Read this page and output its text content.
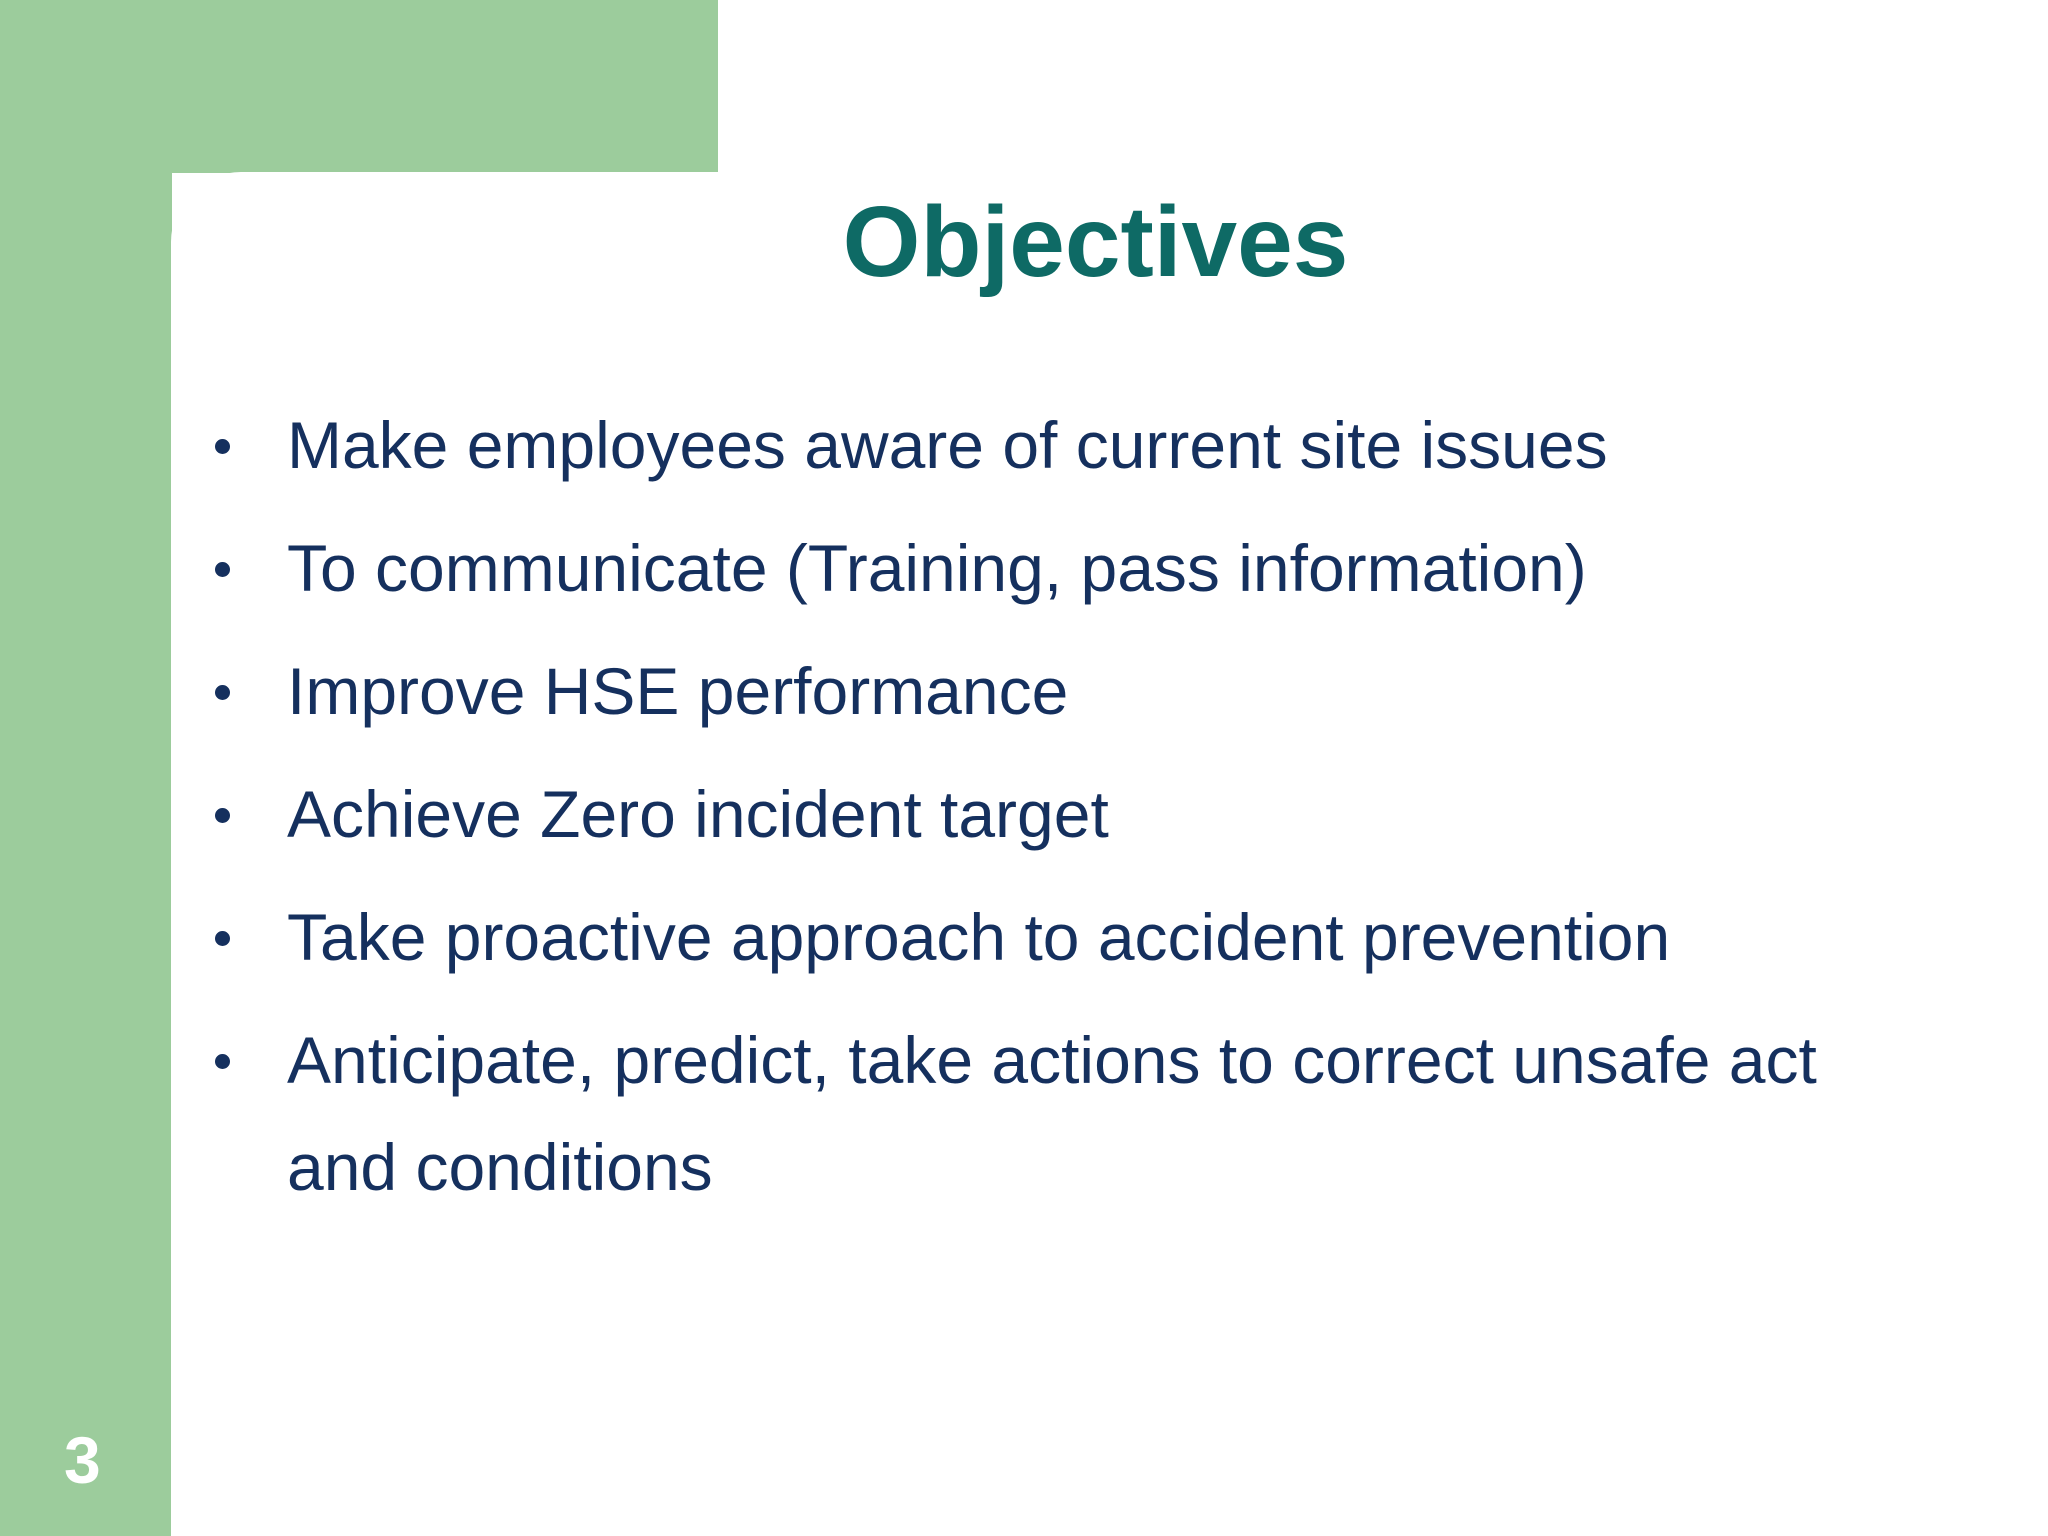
Objectives
Make employees aware of current site issues
To communicate (Training, pass information)
Improve HSE performance
Achieve Zero incident target
Take proactive approach to accident prevention
Anticipate, predict, take actions to correct unsafe act and conditions
3
